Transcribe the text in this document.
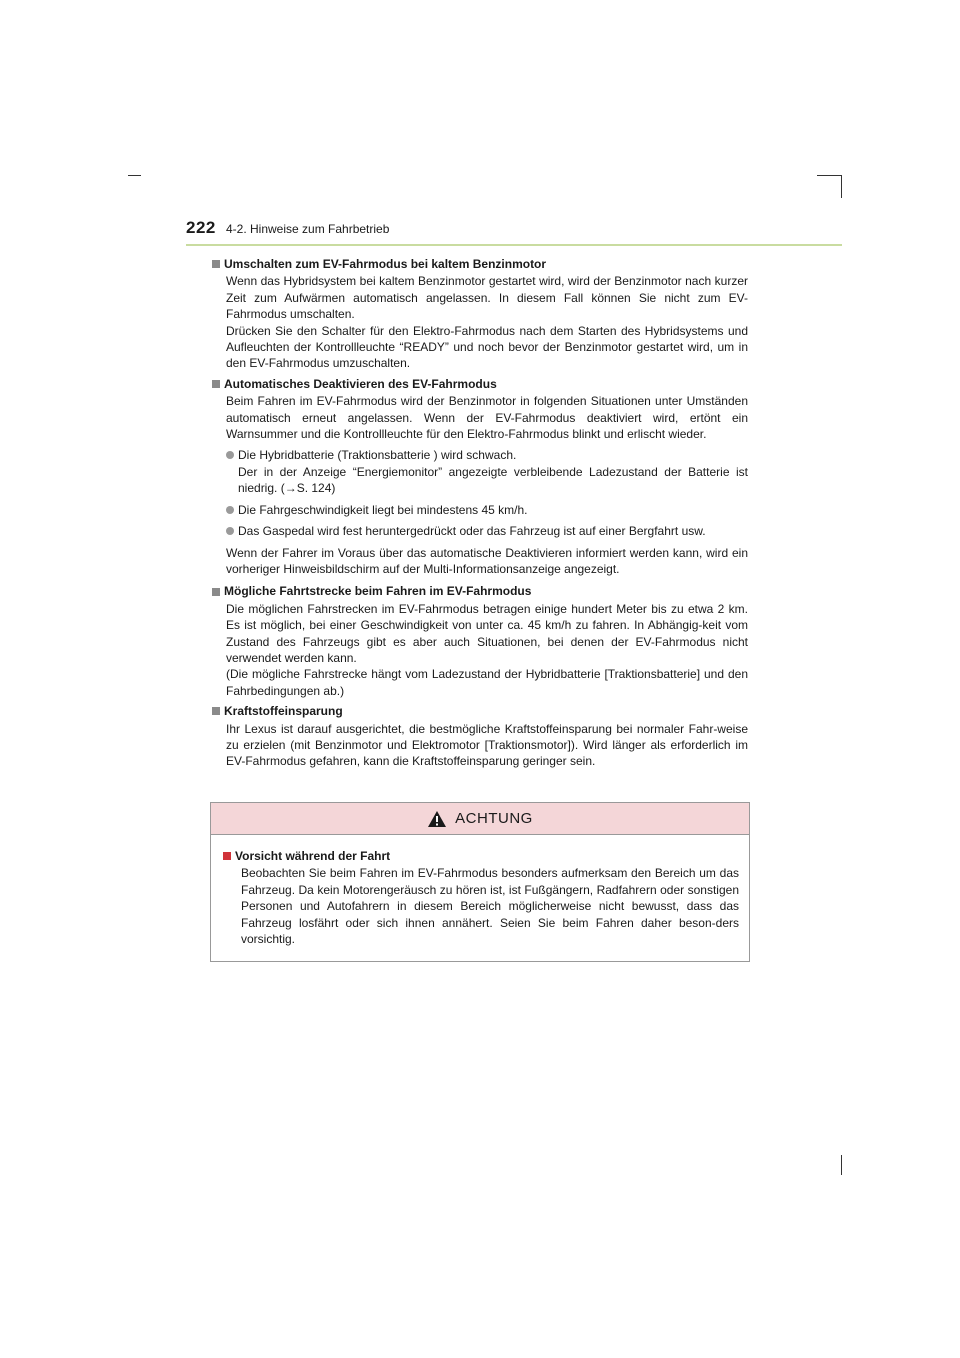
222 4-2. Hinweise zum Fahrbetrieb
Umschalten zum EV-Fahrmodus bei kaltem Benzinmotor

Wenn das Hybridsystem bei kaltem Benzinmotor gestartet wird, wird der Benzinmotor nach kurzer Zeit zum Aufwärmen automatisch angelassen. In diesem Fall können Sie nicht zum EV-Fahrmodus umschalten.

Drücken Sie den Schalter für den Elektro-Fahrmodus nach dem Starten des Hybridsystems und Aufleuchten der Kontrollleuchte “READY” und noch bevor der Benzinmotor gestartet wird, um in den EV-Fahrmodus umzuschalten.

Automatisches Deaktivieren des EV-Fahrmodus

Beim Fahren im EV-Fahrmodus wird der Benzinmotor in folgenden Situationen unter Umständen automatisch erneut angelassen. Wenn der EV-Fahrmodus deaktiviert wird, ertönt ein Warnsummer und die Kontrollleuchte für den Elektro-Fahrmodus blinkt und erlischt wieder.

Die Hybridbatterie (Traktionsbatterie ) wird schwach.
Der in der Anzeige “Energiemonitor” angezeigte verbleibende Ladezustand der Batterie ist niedrig. (→S. 124)
Die Fahrgeschwindigkeit liegt bei mindestens 45 km/h.
Das Gaspedal wird fest heruntergedrückt oder das Fahrzeug ist auf einer Bergfahrt usw.

Wenn der Fahrer im Voraus über das automatische Deaktivieren informiert werden kann, wird ein vorheriger Hinweisbildschirm auf der Multi-Informationsanzeige angezeigt.

Mögliche Fahrtstrecke beim Fahren im EV-Fahrmodus

Die möglichen Fahrstrecken im EV-Fahrmodus betragen einige hundert Meter bis zu etwa 2 km. Es ist möglich, bei einer Geschwindigkeit von unter ca. 45 km/h zu fahren. In Abhängig-keit vom Zustand des Fahrzeugs gibt es aber auch Situationen, bei denen der EV-Fahrmodus nicht verwendet werden kann.

(Die mögliche Fahrstrecke hängt vom Ladezustand der Hybridbatterie [Traktionsbatterie] und den Fahrbedingungen ab.)

Kraftstoffeinsparung

Ihr Lexus ist darauf ausgerichtet, die bestmögliche Kraftstoffeinsparung bei normaler Fahr-weise zu erzielen (mit Benzinmotor und Elektromotor [Traktionsmotor]). Wird länger als erforderlich im EV-Fahrmodus gefahren, kann die Kraftstoffeinsparung geringer sein.

ACHTUNG
Vorsicht während der Fahrt

Beobachten Sie beim Fahren im EV-Fahrmodus besonders aufmerksam den Bereich um das Fahrzeug. Da kein Motorengeräusch zu hören ist, ist Fußgängern, Radfahrern oder sonstigen Personen und Autofahrern in diesem Bereich möglicherweise nicht bewusst, dass das Fahrzeug losfährt oder sich ihnen annähert. Seien Sie beim Fahren daher beson-ders vorsichtig.
